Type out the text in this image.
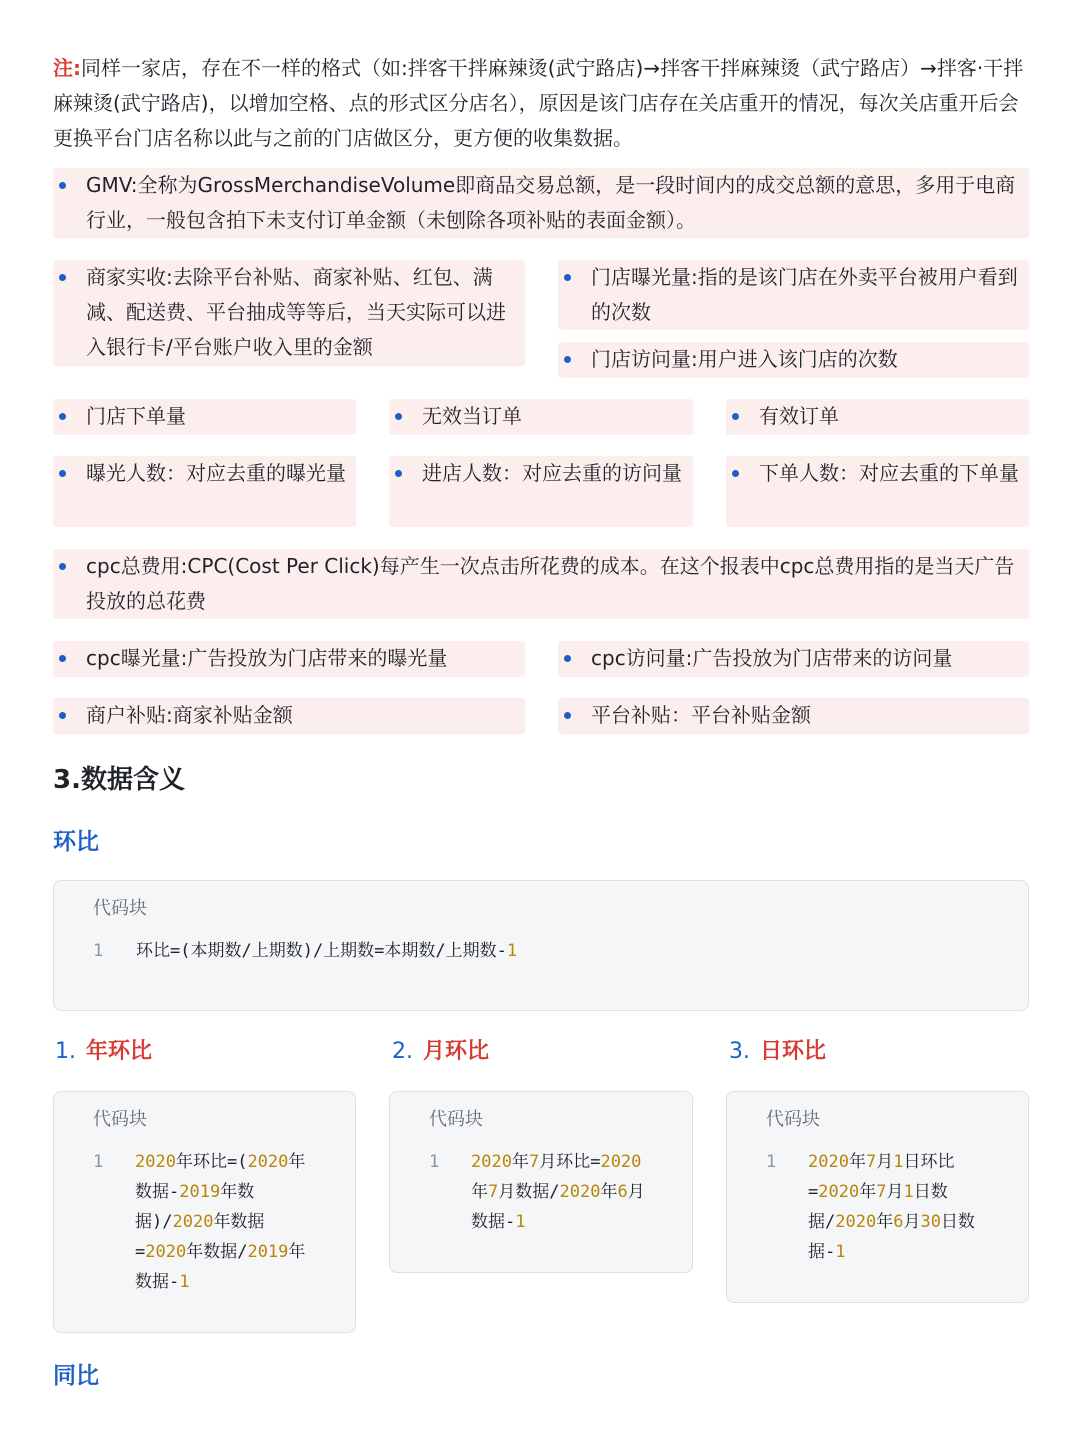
注:同样一家店，存在不一样的格式（如:拌客干拌麻辣烫(武宁路店)→拌客干拌麻辣烫（武宁路店）→拌客·干拌麻辣烫(武宁路店)，以增加空格、点的形式区分店名），原因是该门店存在关店重开的情况，每次关店重开后会更换平台门店名称以此与之前的门店做区分，更方便的收集数据。
GMV:全称为GrossMerchandiseVolume即商品交易总额，是一段时间内的成交总额的意思，多用于电商行业，一般包含拍下未支付订单金额（未刨除各项补贴的表面金额）。
商家实收:去除平台补贴、商家补贴、红包、满减、配送费、平台抽成等等后，当天实际可以进入银行卡/平台账户收入里的金额
门店曝光量:指的是该门店在外卖平台被用户看到的次数
门店访问量:用户进入该门店的次数
门店下单量	无效当订单	有效订单
曝光人数：对应去重的曝光量	进店人数：对应去重的访问量	下单人数：对应去重的下单量
cpc总费用:CPC(Cost Per Click)每产生一次点击所花费的成本。在这个报表中cpc总费用指的是当天广告投放的总花费
cpc曝光量:广告投放为门店带来的曝光量	cpc访问量:广告投放为门店带来的访问量
商户补贴:商家补贴金额	平台补贴：平台补贴金额
3.数据含义
环比
代码块
1 环比=(本期数/上期数)/上期数=本期数/上期数-1
1. 年环比	2. 月环比	3. 日环比
代码块
1 2020年环比=(2020年
数据-2019年数
据)/2020年数据
=2020年数据/2019年
数据-1
代码块
1 2020年7月环比=2020
年7月数据/2020年6月
数据-1
代码块
1 2020年7月1日环比
=2020年7月1日数
据/2020年6月30日数
据-1
同比
